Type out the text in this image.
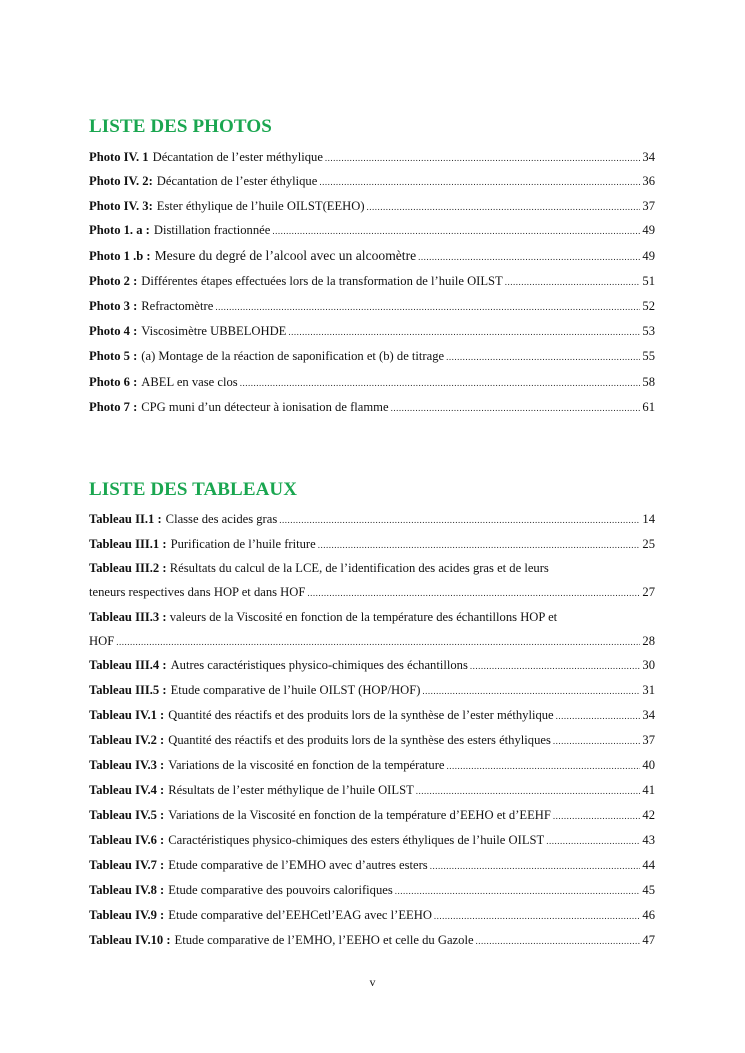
LISTE DES PHOTOS
Photo IV. 1 Décantation de l’ester méthylique .....	34
Photo IV. 2: Décantation de l’ester éthylique .....	36
Photo IV. 3: Ester éthylique de l’huile OILST(EEHO) .....	37
Photo 1. a : Distillation fractionnée .....	49
Photo 1 .b : Mesure du degré de l’alcool avec un alcoomètre .....	49
Photo 2 : Différentes étapes effectuées lors de la transformation de l’huile OILST .....	51
Photo 3 : Refractomètre .....	52
Photo 4 : Viscosimètre UBBELOHDE .....	53
Photo 5 : (a) Montage de la réaction de saponification et (b) de titrage .....	55
Photo 6 : ABEL en vase clos .....	58
Photo 7 : CPG muni d’un détecteur à ionisation de flamme .....	61
LISTE DES TABLEAUX
Tableau II.1 : Classe des acides gras .....	14
Tableau III.1 : Purification de l’huile friture .....	25
Tableau III.2 : Résultats du calcul de la LCE, de l’identification des acides gras et de leurs
teneurs respectives dans HOP et dans HOF .....	27
Tableau III.3 : valeurs de la Viscosité en fonction de la température des échantillons HOP et
HOF .....	28
Tableau III.4 : Autres caractéristiques physico-chimiques des échantillons .....	30
Tableau III.5 : Etude comparative de l’huile OILST (HOP/HOF) .....	31
Tableau IV.1 : Quantité des réactifs et des produits lors de la synthèse de l’ester méthylique .....	34
Tableau IV.2 : Quantité des réactifs et des produits lors de la synthèse des esters éthyliques .....	37
Tableau IV.3 : Variations de la viscosité en fonction de la température .....	40
Tableau IV.4 : Résultats de l’ester méthylique de l’huile OILST .....	41
Tableau IV.5 : Variations de la Viscosité en fonction de la température d’EEHO et d’EEHF .....	42
Tableau IV.6 : Caractéristiques physico-chimiques des esters éthyliques de l’huile OILST .....	43
Tableau IV.7 : Etude comparative de l’EMHO avec d’autres esters .....	44
Tableau IV.8 : Etude comparative des pouvoirs calorifiques .....	45
Tableau IV.9 : Etude comparative del’EEHCetl’EAG avec l’EEHO .....	46
Tableau IV.10 : Etude comparative de l’EMHO, l’EEHO et celle du Gazole .....	47
v
